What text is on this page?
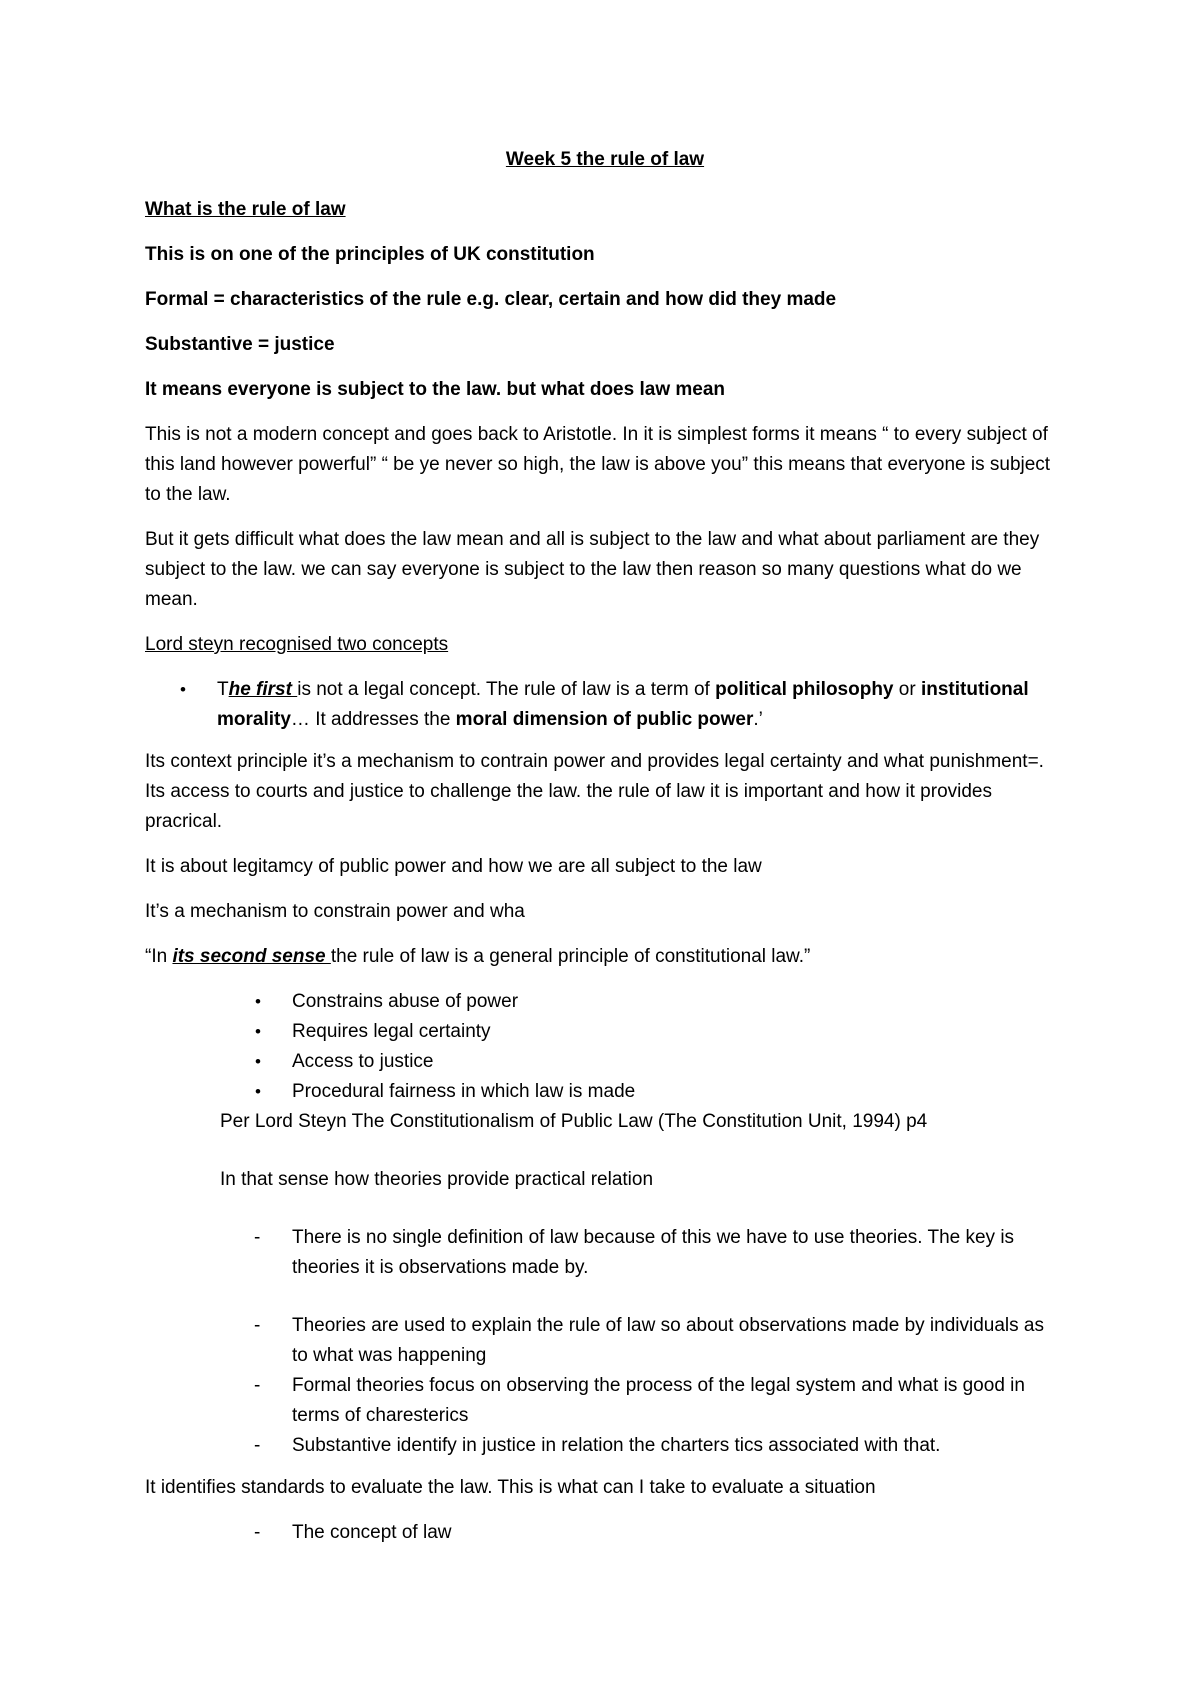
Week 5 the rule of law

What is the rule of law

This is on one of the principles of UK constitution

Formal = characteristics of the rule e.g. clear, certain and how did they made

Substantive = justice

It means everyone is subject to the law. but what does law mean

This is not a modern concept and goes back to Aristotle. In it is simplest forms it means “ to every subject of this land however powerful” “ be ye never so high, the law is above you” this means that everyone is subject to the law.

But it gets difficult what does the law mean and all is subject to the law and what about parliament are they subject to the law. we can say everyone is subject to the law then reason so many questions what do we mean.

Lord steyn recognised two concepts

• The first is not a legal concept. The rule of law is a term of political philosophy or institutional morality… It addresses the moral dimension of public power.’

Its context principle it’s a mechanism to contrain power and provides legal certainty and what punishment=. Its access to courts and justice to challenge the law. the rule of law it is important and how it provides pracrical.

It is about legitamcy of public power and how we are all subject to the law

It’s a mechanism to constrain power and wha

“In its second sense the rule of law is a general principle of constitutional law.”

• Constrains abuse of power
• Requires legal certainty
• Access to justice
• Procedural fairness in which law is made

Per Lord Steyn The Constitutionalism of Public Law (The Constitution Unit, 1994) p4

In that sense how theories provide practical relation

- There is no single definition of law because of this we have to use theories. The key is theories it is observations made by.
- Theories are used to explain the rule of law so about observations made by individuals as to what was happening
- Formal theories focus on observing the process of the legal system and what is good in terms of charesterics
- Substantive identify in justice in relation the charters tics associated with that.

It identifies standards to evaluate the law. This is what can I take to evaluate a situation

- The concept of law
